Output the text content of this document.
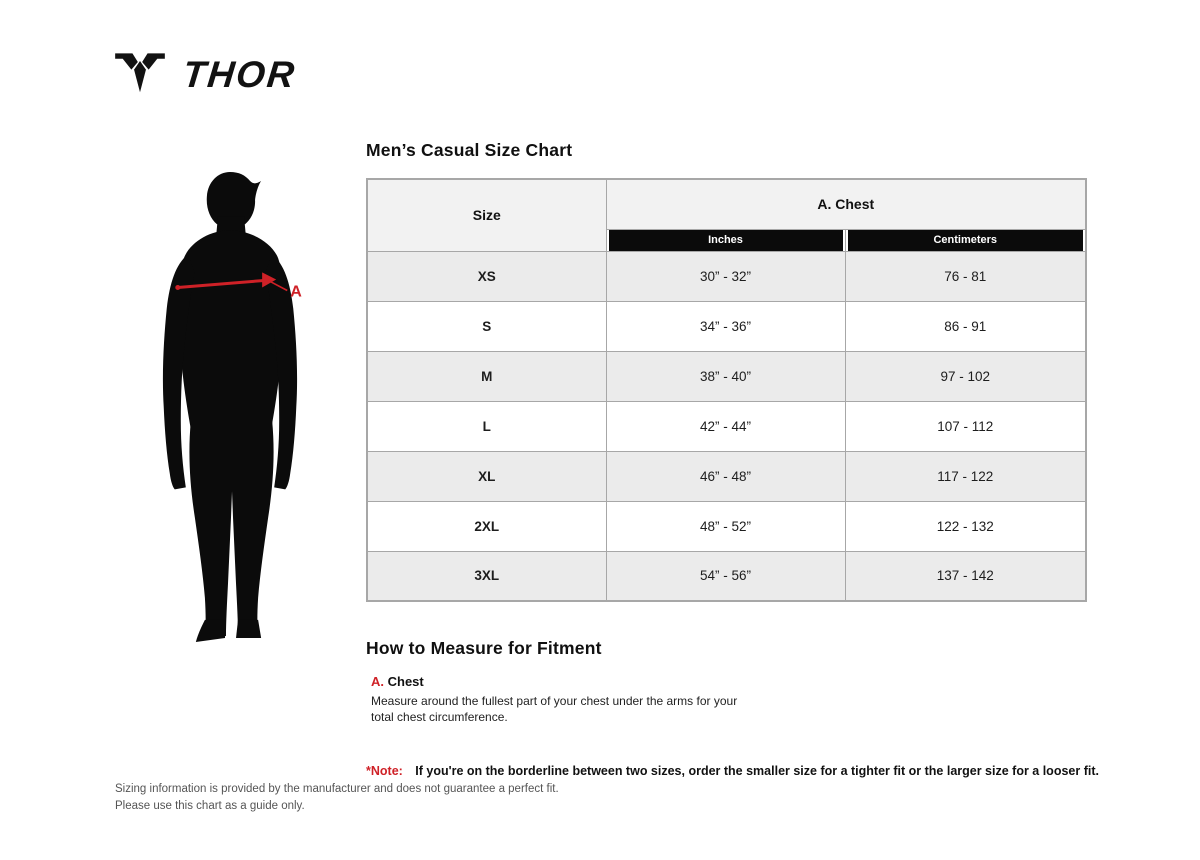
THOR
A
Men’s Casual Size Chart
Size	A. Chest	

	Inches	Centimeters

XS	30” - 32”	76 - 81
S	34” - 36”	86 - 91
M	38” - 40”	97 - 102
L	42” - 44”	107 - 112
XL	46” - 48”	117 - 122
2XL	48” - 52”	122 - 132
3XL	54” - 56”	137 - 142
How to Measure for Fitment
A. Chest

Measure around the fullest part of your chest under the arms for your total chest circumference.

*Note: If you're on the borderline between two sizes, order the smaller size for a tighter fit or the larger size for a looser fit.

Sizing information is provided by the manufacturer and does not guarantee a perfect fit.
Please use this chart as a guide only.
